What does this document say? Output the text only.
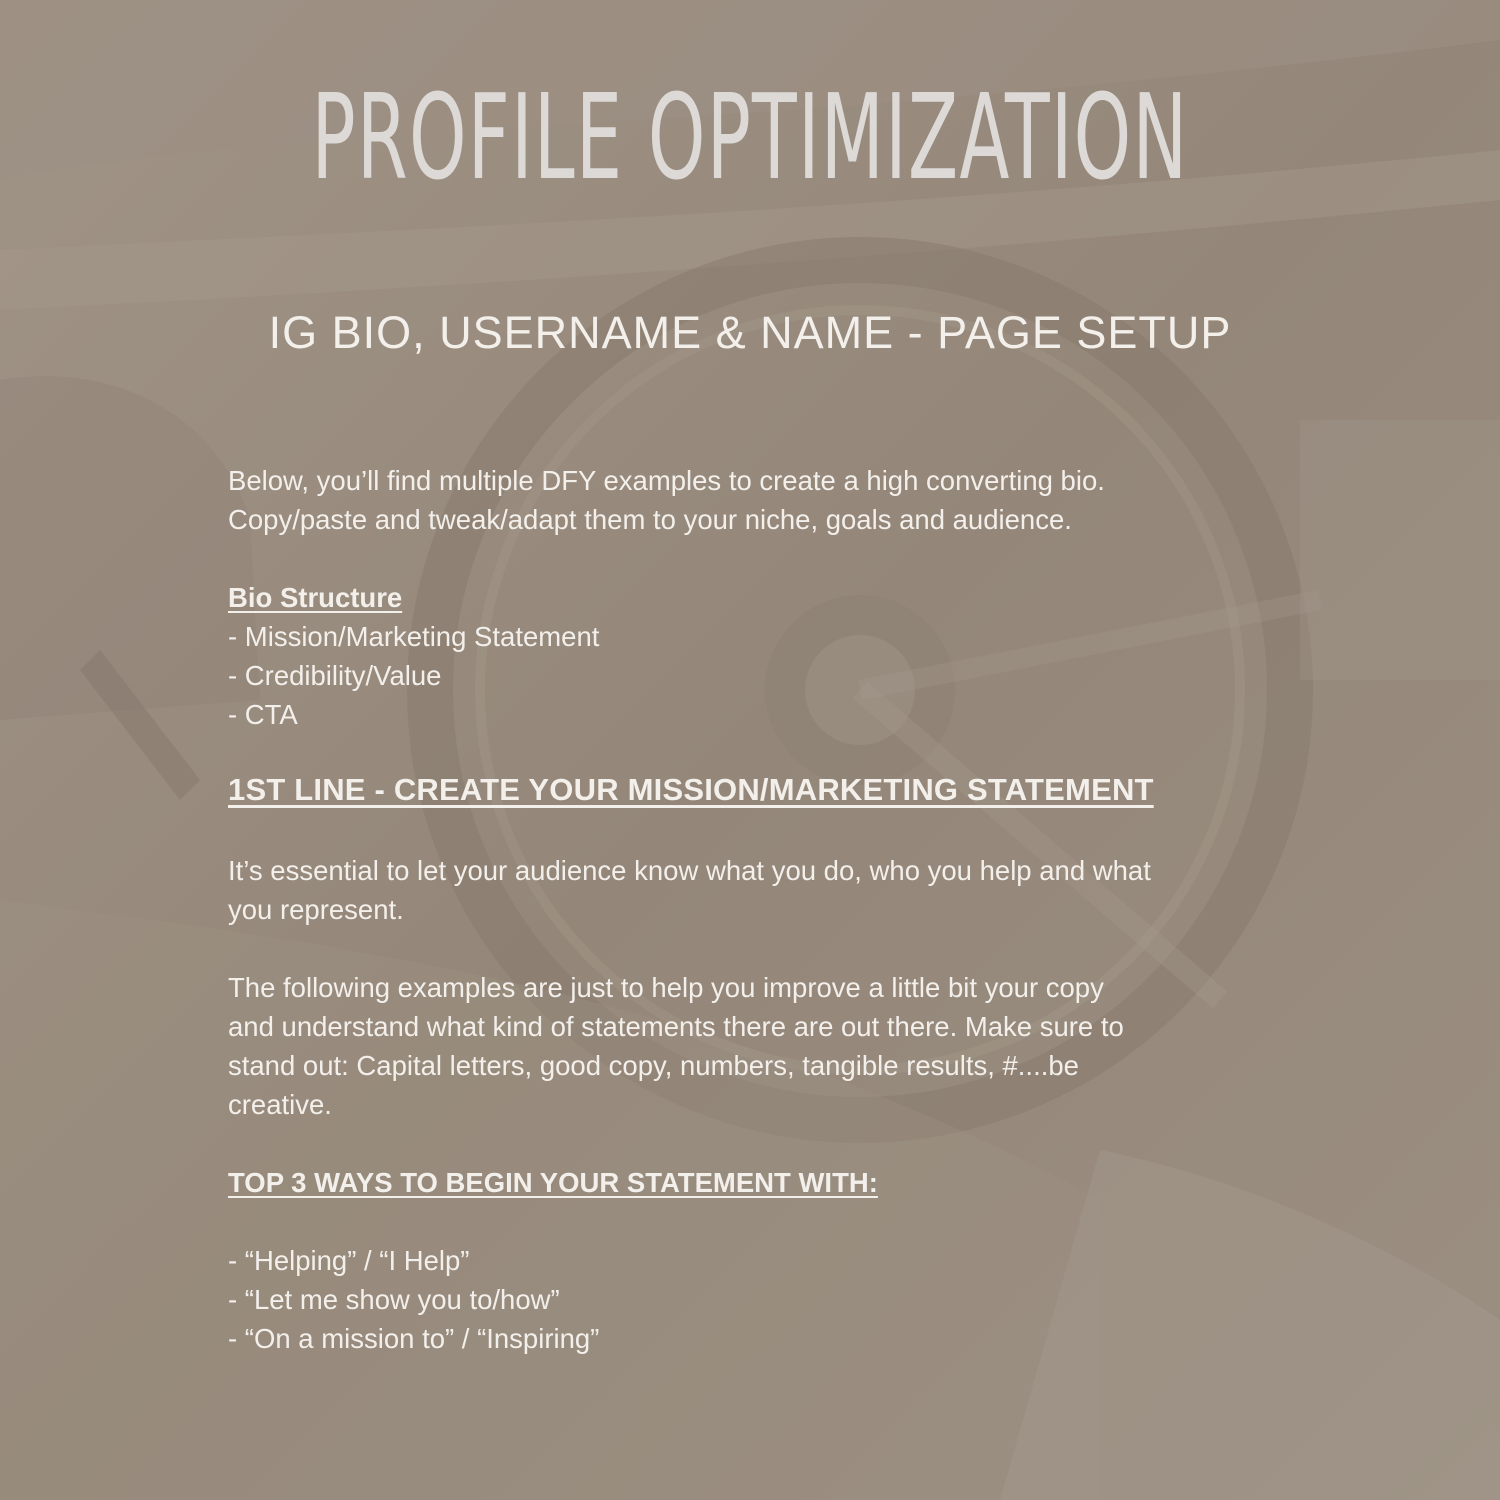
PROFILE OPTIMIZATION
IG BIO, USERNAME & NAME - PAGE SETUP

Below, you’ll find multiple DFY examples to create a high converting bio.

Copy/paste and tweak/adapt them to your niche, goals and audience.

Bio Structure

- Mission/Marketing Statement

- Credibility/Value

- CTA

1ST LINE - CREATE YOUR MISSION/MARKETING STATEMENT

It’s essential to let your audience know what you do, who you help and what

you represent.

The following examples are just to help you improve a little bit your copy

and understand what kind of statements there are out there. Make sure to

stand out: Capital letters, good copy, numbers, tangible results, #....be

creative.

TOP 3 WAYS TO BEGIN YOUR STATEMENT WITH:

- “Helping” / “I Help”

- “Let me show you to/how”

- “On a mission to” / “Inspiring”
